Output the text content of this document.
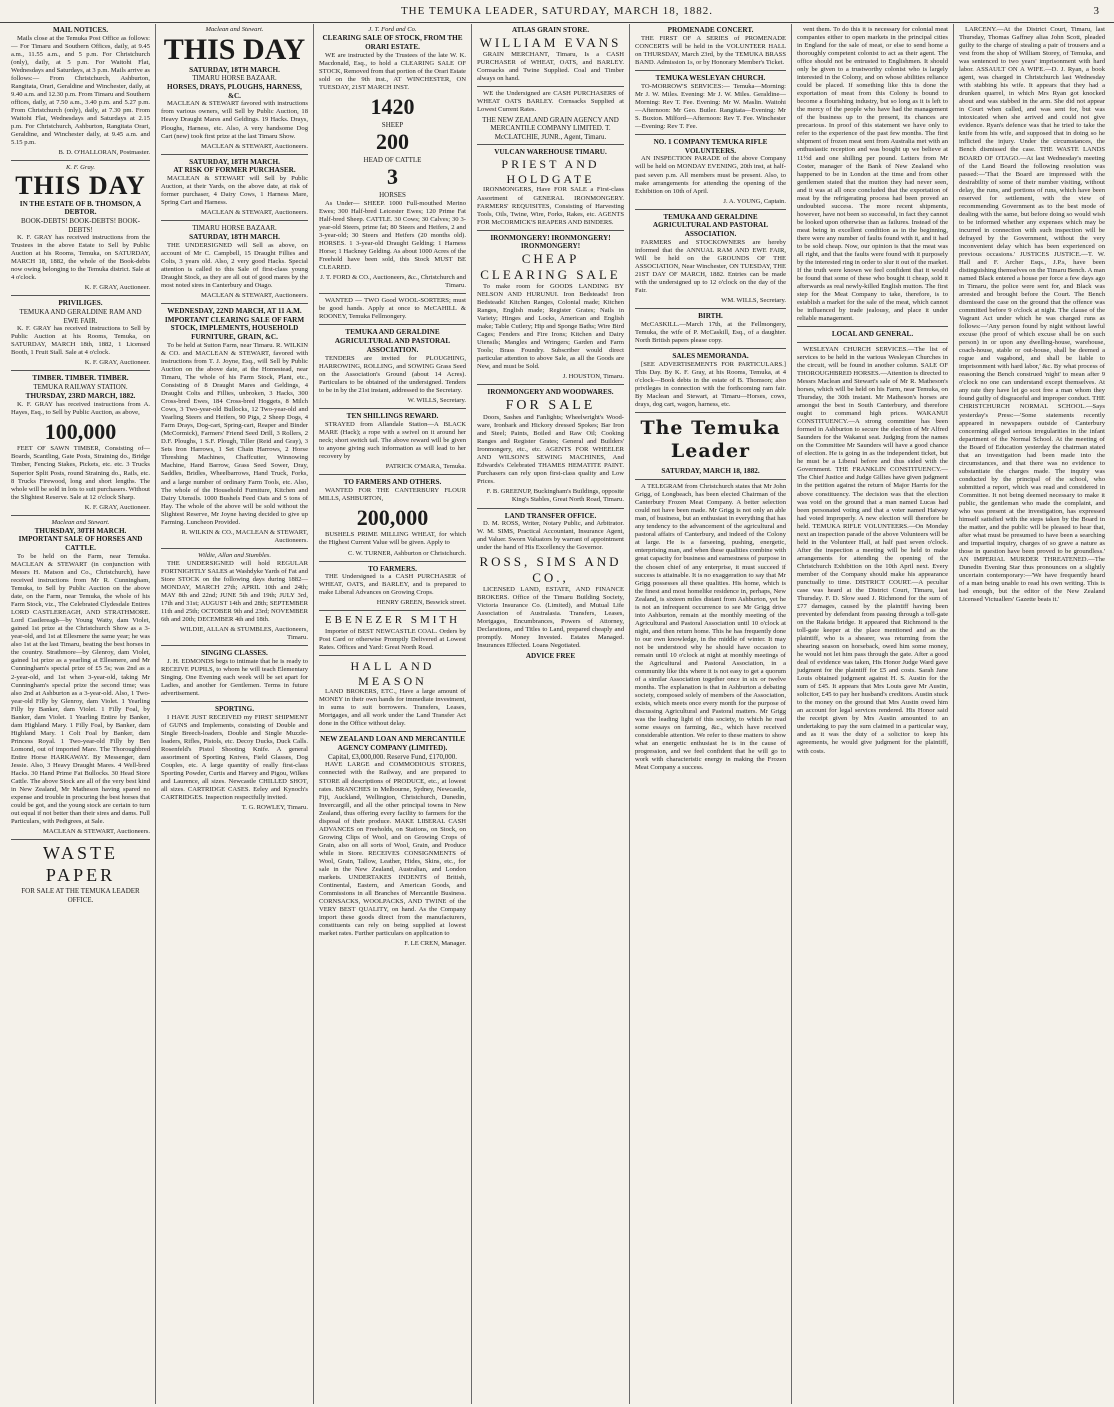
THE TEMUKA LEADER, SATURDAY, MARCH 18, 1882.	3
MAIL NOTICES.

Mails close at the Temuka Post Office as follows:— For Timaru and Southern Offices, daily, at 9.45 a.m., 11.55 a.m., and 5 p.m. For Christchurch (only), daily, at 5 p.m. For Waitohi Flat, Wednesdays and Saturdays, at 3 p.m. Mails arrive as follows:— From Christchurch, Ashburton, Rangitata, Orari, Geraldine and Winchester, daily, at 9.40 a.m. and 12.30 p.m. From Timaru and Southern offices, daily, at 7.50 a.m., 3.40 p.m. and 5.27 p.m. From Christchurch (only), daily, at 7.30 pm. From Waitohi Flat, Wednesdays and Saturdays at 2.15 p.m. For Christchurch, Ashburton, Rangitata Orari, Geraldine, and Winchester daily, at 9.45 a.m. and 5.15 p.m.

B. D. O'HALLORAN, Postmaster.
K. F. Gray.
THIS DAY
IN THE ESTATE OF B. THOMSON, A DEBTOR.
BOOK-DEBTS! BOOK-DEBTS! BOOK-DEBTS!

K. F. GRAY has received instructions from the Trustees in the above Estate to Sell by Public Auction at his Rooms, Temuka, on SATURDAY, MARCH 18, 1882, the whole of the Book-debts now owing belonging to the Temuka district. Sale at 4 o'clock.

K. F. GRAY, Auctioneer.
PRIVILIGES.
TEMUKA AND GERALDINE RAM AND EWE FAIR.

K. F. GRAY has received instructions to Sell by Public Auction at his Rooms, Temuka, on SATURDAY, MARCH 18th, 1882, 1 Licensed Booth, 1 Fruit Stall. Sale at 4 o'clock.

K. F. GRAY, Auctioneer.
TIMBER. TIMBER. TIMBER.
TEMUKA RAILWAY STATION.
THURSDAY, 23RD MARCH, 1882.

K. F. GRAY has received instructions from A. Hayes, Esq., to Sell by Public Auction, as above,

100,000

FEET OF SAWN TIMBER, Consisting of— Boards, Scantling, Gate Posts, Straining do., Bridge Timber, Fencing Stakes, Pickets, etc. etc. 3 Trucks Superior Split Posts, round Straining do., Rails, etc. 8 Trucks Firewood, long and short lengths. The whole will be sold in lots to suit purchasers. Without the Slightest Reserve. Sale at 12 o'clock Sharp.

K. F. GRAY, Auctioneer.
Maclean and Stewart.
THURSDAY, 30TH MARCH.
IMPORTANT SALE OF HORSES AND CATTLE.

To be held on the Farm, near Temuka. MACLEAN & STEWART (in conjunction with Messrs H. Matson and Co., Christchurch), have received instructions from Mr R. Cunningham, Temuka, to Sell by Public Auction on the above date, on the Farm, near Temuka, the whole of his Farm Stock, viz., The Celebrated Clydesdale Entires LORD CASTLEREAGH, AND STRATHMORE. Lord Castlereagh—by Young Watty, dam Violet, gained 1st prize at the Christchurch Show as a 3-year-old, and 1st at Ellesmere the same year; he was also 1st at the last Timaru, beating the best horses in the country. Strathmore—by Glenroy, dam Violet, gained 1st prize as a yearling at Ellesmere, and Mr Cunningham's special prize of £5 5s; was 2nd as a 2-year-old, and 1st when 3-year-old, taking Mr Cunningham's special prize the second time; was also 2nd at Ashburton as a 3-year-old. Also, 1 Two-year-old Filly by Glenroy, dam Violet. 1 Yearling Filly by Banker, dam Violet. 1 Filly Foal, by Banker, dam Violet. 1 Yearling Entire by Banker, dam Highland Mary. 1 Filly Foal, by Banker, dam Highland Mary. 1 Colt Foal by Banker, dam Princess Royal. 1 Two-year-old Filly by Ben Lomond, out of imported Mare. The Thoroughbred Entire Horse HARKAWAY. By Messenger, dam Jessie. Also, 3 Heavy Draught Mares. 4 Well-bred Hacks. 30 Hand Prime Fat Bullocks. 30 Head Store Cattle. The above Stock are all of the very best kind in New Zealand, Mr Matheson having spared no expense and trouble in procuring the best horses that could be got, and the young stock are certain to turn out equal if not better than their sires and dams. Full Particulars, with Pedigrees, at Sale.

MACLEAN & STEWART, Auctioneers.
WASTE PAPER
FOR SALE AT THE TEMUKA LEADER OFFICE.
Maclean and Stewart.
THIS DAY
SATURDAY, 18TH MARCH.
TIMARU HORSE BAZAAR.
HORSES, DRAYS, PLOUGHS, HARNESS, &C.

MACLEAN & STEWART favored with instructions from various owners, will Sell by Public Auction, 18 Heavy Draught Mares and Geldings. 19 Hacks. Drays, Ploughs, Harness, etc. Also, A very handsome Dog Cart (new) took first prize at the last Timaru Show.

MACLEAN & STEWART, Auctioneers.
SATURDAY, 18TH MARCH.
AT RISK OF FORMER PURCHASER.

MACLEAN & STEWART will Sell by Public Auction, at their Yards, on the above date, at risk of former purchaser, 4 Dairy Cows, 1 Harness Mare, Spring Cart and Harness.

MACLEAN & STEWART, Auctioneers.
TIMARU HORSE BAZAAR.
SATURDAY, 18TH MARCH.

THE UNDERSIGNED will Sell as above, on account of Mr C. Campbell, 15 Draught Fillies and Colts, 3 years old. Also, 2 very good Hacks. Special attention is called to this Sale of first-class young Draught Stock, as they are all out of good mares by the most noted sires in Canterbury and Otago.

MACLEAN & STEWART, Auctioneers.
WEDNESDAY, 22ND MARCH, AT 11 A.M.
IMPORTANT CLEARING SALE OF FARM STOCK, IMPLEMENTS, HOUSEHOLD FURNITURE, GRAIN, &C.

To be held at Sutton Farm, near Timaru. R. WILKIN & CO. and MACLEAN & STEWART, favored with instructions from T. J. Joyne, Esq., will Sell by Public Auction on the above date, at the Homestead, near Timaru, The whole of his Farm Stock, Plant, etc., Consisting of 8 Draught Mares and Geldings, 4 Draught Colts and Fillies, unbroken, 3 Hacks, 300 Cross-bred Ewes, 184 Cross-bred Hoggets, 8 Milch Cows, 3 Two-year-old Bullocks, 12 Two-year-old and Yearling Steers and Heifers, 90 Pigs, 2 Sheep Dogs, 4 Farm Drays, Dog-cart, Spring-cart, Reaper and Binder (McCormick), Farmers' Friend Seed Drill, 3 Rollers, 2 D.F. Ploughs, 1 S.F. Plough, Tiller (Reid and Gray), 3 Sets Iron Harrows, 1 Set Chain Harrows, 2 Horse Threshing Machines, Chaffcutter, Winnowing Machine, Hand Barrow, Grass Seed Sower, Dray, Saddles, Bridles, Wheelbarrows, Hand Truck, Forks, and a large number of ordinary Farm Tools, etc. Also, The whole of the Household Furniture, Kitchen and Dairy Utensils. 1000 Bushels Feed Oats and 5 tons of Hay. The whole of the above will be sold without the Slightest Reserve, Mr Joyne having decided to give up Farming. Luncheon Provided.

R. WILKIN & CO., MACLEAN & STEWART, Auctioneers.
Wildie, Allan and Stumbles.

THE UNDERSIGNED will hold REGULAR FORTNIGHTLY SALES at Washdyke Yards of Fat and Store STOCK on the following days during 1882— MONDAY, MARCH 27th; APRIL 10th and 24th; MAY 8th and 22nd; JUNE 5th and 19th; JULY 3rd, 17th and 31st; AUGUST 14th and 28th; SEPTEMBER 11th and 25th; OCTOBER 9th and 23rd; NOVEMBER 6th and 20th; DECEMBER 4th and 18th.

WILDIE, ALLAN & STUMBLES, Auctioneers, Timaru.
SINGING CLASSES.

J. H. EDMONDS begs to intimate that he is ready to RECEIVE PUPILS, to whom he will teach Elementary Singing. One Evening each week will be set apart for Ladies, and another for Gentlemen. Terms in future advertisement.

SPORTING.

I HAVE JUST RECEIVED my FIRST SHIPMENT of GUNS and Implements, consisting of Double and Single Breech-loaders, Double and Single Muzzle-loaders, Rifles, Pistols, etc. Decoy Ducks, Duck Calls. Rosenfeld's Pistol Shooting Knife. A general assortment of Sporting Knives, Field Glasses, Dog Couples, etc. A large quantity of really first-class Sporting Powder, Curtis and Harvey and Pigou, Wilkes and Laurence, all sizes. Newcastle CHILLED SHOT, all sizes. CARTRIDGE CASES. Eeley and Kynoch's CARTRIDGES. Inspection respectfully invited.

T. G. ROWLEY, Timaru.
J. T. Ford and Co.
CLEARING SALE OF STOCK, FROM THE ORARI ESTATE.

WE are instructed by the Trustees of the late W. K. Macdonald, Esq., to hold a CLEARING SALE OF STOCK, Removed from that portion of the Orari Estate sold on the 9th inst., AT WINCHESTER, ON TUESDAY, 21ST MARCH INST.

1420
SHEEP
200
HEAD OF CATTLE
3
HORSES

As Under— SHEEP. 1000 Full-mouthed Merino Ewes; 300 Half-bred Leicester Ewes; 120 Prime Fat Half-bred Sheep. CATTLE. 30 Cows; 30 Calves; 30 3-year-old Steers, prime fat; 80 Steers and Heifers, 2 and 3-year-old; 30 Steers and Heifers (20 months old). HORSES. 1 3-year-old Draught Gelding; 1 Harness Horse; 1 Hackney Gelding. As about 1000 Acres of the Freehold have been sold, this Stock MUST BE CLEARED.

J. T. FORD & CO., Auctioneers, &c., Christchurch and Timaru.

WANTED — TWO Good WOOL-SORTERS; must be good hands. Apply at once to McCAHILL & ROONEY, Temuka Fellmongery.

TEMUKA AND GERALDINE AGRICULTURAL AND PASTORAL ASSOCIATION.

TENDERS are invited for PLOUGHING, HARROWING, ROLLING, and SOWING Grass Seed on the Association's Ground (about 14 Acres). Particulars to be obtained of the undersigned. Tenders to be in by the 21st instant, addressed to the Secretary.

W. WILLS, Secretary.
TEN SHILLINGS REWARD.

STRAYED from Allandale Station—A BLACK MARE (Hack); a rope with a swivel on it around her neck; short switch tail. The above reward will be given to anyone giving such information as will lead to her recovery by

PATRICK O'MARA, Temuka.
TO FARMERS AND OTHERS.

WANTED FOR THE CANTERBURY FLOUR MILLS, ASHBURTON,

200,000

BUSHELS PRIME MILLING WHEAT, for which the Highest Current Value will be given. Apply to

C. W. TURNER, Ashburton or Christchurch.
TO FARMERS.

THE Undersigned is a CASH PURCHASER of WHEAT, OATS, and BARLEY, and is prepared to make Liberal Advances on Growing Crops.

HENRY GREEN, Beswick street.
EBENEZER SMITH

Importer of BEST NEWCASTLE COAL. Orders by Post Card or otherwise Promptly Delivered at Lowest Rates. Offices and Yard: Great North Road.

HALL AND MEASON

LAND BROKERS, ETC., Have a large amount of MONEY in their own hands for immediate investment, in sums to suit borrowers. Transfers, Leases, Mortgages, and all work under the Land Transfer Act done in the Office without delay.

NEW ZEALAND LOAN AND MERCANTILE AGENCY COMPANY (LIMITED).
Capital, £3,000,000. Reserve Fund, £170,000.

HAVE LARGE and COMMODIOUS STORES, connected with the Railway, and are prepared to STORE all descriptions of PRODUCE, etc., at lowest rates. BRANCHES in Melbourne, Sydney, Newcastle, Fiji, Auckland, Wellington, Christchurch, Dunedin, Invercargill, and all the other principal towns in New Zealand, thus offering every facility to farmers for the disposal of their produce. MAKE LIBERAL CASH ADVANCES on Freeholds, on Stations, on Stock, on Growing Clips of Wool, and on Growing Crops of Grain, also on all sorts of Wool, Grain, and Produce while in Store. RECEIVES CONSIGNMENTS of Wool, Grain, Tallow, Leather, Hides, Skins, etc., for sale in the New Zealand, Australian, and London markets. UNDERTAKES INDENTS of British, Continental, Eastern, and American Goods, and Commissions in all Branches of Mercantile Business. CORNSACKS, WOOLPACKS, AND TWINE of the VERY BEST QUALITY, on hand. As the Company import these goods direct from the manufacturers, constituents can rely on being supplied at lowest market rates. Further particulars on application to

F. LE CREN, Manager.
ATLAS GRAIN STORE.
WILLIAM EVANS

GRAIN MERCHANT, Timaru, Is a CASH PURCHASER of WHEAT, OATS, and BARLEY. Cornsacks and Twine Supplied. Coal and Timber always on hand.

WE the Undersigned are CASH PURCHASERS of WHEAT OATS BARLEY. Cornsacks Supplied at Lowest Current Rates.

THE NEW ZEALAND GRAIN AGENCY AND MERCANTILE COMPANY LIMITED. T. McCLATCHIE, JUNR., Agent, Timaru.
VULCAN WAREHOUSE TIMARU.
PRIEST AND HOLDGATE

IRONMONGERS, Have FOR SALE a First-class Assortment of GENERAL IRONMONGERY. FARMERS' REQUISITES, Consisting of Harvesting Tools, Oils, Twine, Wire, Forks, Rakes, etc. AGENTS FOR McCORMICK'S REAPERS AND BINDERS.

IRONMONGERY! IRONMONGERY! IRONMONGERY!
CHEAP CLEARING SALE

To make room for GOODS LANDING BY NELSON AND HURUNUI. Iron Bedsteads! Iron Bedsteads! Kitchen Ranges, Colonial made; Kitchen Ranges, English made; Register Grates; Nails in Variety; Hinges and Locks, American and English make; Table Cutlery; Hip and Sponge Baths; Wire Bird Cages; Fenders and Fire Irons; Kitchen and Dairy Utensils; Mangles and Wringers; Garden and Farm Tools; Brass Foundry. Subscriber would direct particular attention to above Sale, as all the Goods are New, and must be Sold.

J. HOUSTON, Timaru.
IRONMONGERY AND WOODWARES.
FOR SALE

Doors, Sashes and Fanlights; Wheelwright's Wood-ware, Ironbark and Hickory dressed Spokes; Bar Iron and Steel; Paints, Boiled and Raw Oil; Cooking Ranges and Register Grates; General and Builders' Ironmongery, etc., etc. AGENTS FOR WHEELER AND WILSON'S SEWING MACHINES, And Edwards's Celebrated THAMES HEMATITE PAINT. Purchasers can rely upon first-class quality and Low Prices.

F. B. GREENUP, Buckingham's Buildings, opposite King's Stables, Great North Road, Timaru.
LAND TRANSFER OFFICE.

D. M. ROSS, Writer, Notary Public, and Arbitrator. W. M. SIMS, Practical Accountant, Insurance Agent, and Valuer. Sworn Valuators by warrant of appointment under the hand of His Excellency the Governor.

ROSS, SIMS AND CO.,

LICENSED LAND, ESTATE, AND FINANCE BROKERS. Office of the Timaru Building Society, Victoria Insurance Co. (Limited), and Mutual Life Association of Australasia. Transfers, Leases, Mortgages, Encumbrances, Powers of Attorney, Declarations, and Titles to Land, prepared cheaply and promptly. Money Invested. Estates Managed. Insurances Effected. Loans Negotiated.

ADVICE FREE
PROMENADE CONCERT.

THE FIRST OF A SERIES of PROMENADE CONCERTS will be held in the VOLUNTEER HALL on THURSDAY, March 23rd, by the TEMUKA BRASS BAND. Admission 1s, or by Honorary Member's Ticket.

TEMUKA WESLEYAN CHURCH.

TO-MORROW'S SERVICES:— Temuka—Morning: Mr J. W. Miles. Evening: Mr J. W. Miles. Geraldine—Morning: Rev T. Fee. Evening: Mr W. Maslin. Waitohi—Afternoon: Mr Geo. Butler. Rangitata—Evening: Mr S. Buxton. Milford—Afternoon: Rev T. Fee. Winchester—Evening: Rev T. Fee.

NO. 1 COMPANY TEMUKA RIFLE VOLUNTEERS.

AN INSPECTION PARADE of the above Company will be held on MONDAY EVENING, 20th inst, at half-past seven p.m. All members must be present. Also, to make arrangements for attending the opening of the Exhibition on 10th of April.

J. A. YOUNG, Captain.
TEMUKA AND GERALDINE AGRICULTURAL AND PASTORAL ASSOCIATION.

FARMERS and STOCKOWNERS are hereby informed that the ANNUAL RAM AND EWE FAIR, Will be held on the GROUNDS OF THE ASSOCIATION, Near Winchester, ON TUESDAY, THE 21ST DAY OF MARCH, 1882. Entries can be made with the undersigned up to 12 o'clock on the day of the Fair.

WM. WILLS, Secretary.
BIRTH.

McCASKILL.—March 17th, at the Fellmongery, Temuka, the wife of P. McCaskill, Esq., of a daughter. North British papers please copy.

SALES MEMORANDA.

[SEE ADVERTISEMENTS FOR PARTICULARS.] This Day. By K. F. Gray, at his Rooms, Temuka, at 4 o'clock—Book debts in the estate of B. Thomson; also privileges in connection with the forthcoming ram fair. By Maclean and Stewart, at Timaru—Horses, cows, drays, dog cart, wagon, harness, etc.

The Temuka Leader
SATURDAY, MARCH 18, 1882.

A TELEGRAM from Christchurch states that Mr John Grigg, of Longbeach, has been elected Chairman of the Canterbury Frozen Meat Company. A better selection could not have been made. Mr Grigg is not only an able man, of business, but an enthusiast in everything that has any tendency to the advancement of the agricultural and pastoral affairs of Canterbury, and indeed of the Colony at large. He is a farseeing, pushing, energetic, enterprising man, and when these qualities combine with great capacity for business and earnestness of purpose in the chosen chief of any enterprise, it must succeed if success is attainable. It is no exaggeration to say that Mr Grigg possesses all these qualities. His home, which is the finest and most homelike residence in, perhaps, New Zealand, is sixteen miles distant from Ashburton, yet he is not an infrequent occurrence to see Mr Grigg drive into Ashburton, remain at the monthly meeting of the Agricultural and Pastoral Association until 10 o'clock at night, and then return home. This he has frequently done to our own knowledge, in the middle of winter. It may not be understood why he should have occasion to remain until 10 o'clock at night at monthly meetings of the Agricultural and Pastoral Association, in a community like this where it is not easy to get a quorum of a similar Association together once in six or twelve months. The explanation is that in Ashburton a debating society, composed solely of members of the Association, exists, which meets once every month for the purpose of discussing Agricultural and Pastoral matters. Mr Grigg was the leading light of this society, to which he read some essays on farming, &c., which have received considerable attention. We refer to these matters to show what an energetic enthusiast he is in the cause of progression, and we feel confident that he will go to work with characteristic energy in making the Frozen Meat Company a success.

vent them. To do this it is necessary for colonial meat companies either to open markets in the principal cities in England for the sale of meat, or else to send home a thoroughly competent colonist to act as their agent. The office should not be entrusted to Englishmen. It should only be given to a trustworthy colonist who is largely interested in the Colony, and on whose abilities reliance could be placed. If something like this is done the exportation of meat from this Colony is bound to become a flourishing industry, but so long as it is left to the mercy of the people who have had the management of the business up to the present, its chances are precarious. In proof of this statement we have only to refer to the experience of the past few months. The first shipment of frozen meat sent from Australia met with an enthusiastic reception and was bought up we believe at 11½d and one shilling per pound. Letters from Mr Coster, manager of the Bank of New Zealand who happened to be in London at the time and from other gentlemen stated that the mutton they had never seen, and it was at all once concluded that the exportation of meat by the refrigerating process had been proved an undoubted success. The more recent shipments, however, have not been so successful, in fact they cannot be looked upon otherwise than as failures. Instead of the meat being in excellent condition as in the beginning, there were any number of faults found with it, and it had to be sold cheap. Now, our opinion is that the meat was all right, and that the faults were found with it purposely by the interested ring in order to slur it out of the market. If the truth were known we feel confident that it would be found that some of these who bought it cheap, sold it afterwards as real newly-killed English mutton. The first step for the Meat Company to take, therefore, is to establish a market for the sale of the meat, which cannot be influenced by trade jealousy, and place it under reliable management.

LOCAL AND GENERAL.

WESLEYAN CHURCH SERVICES.—The list of services to be held in the various Wesleyan Churches in the circuit, will be found in another column. SALE OF THOROUGHBRED HORSES.—Attention is directed to Messrs Maclean and Stewart's sale of Mr R. Matheson's horses, which will be held on his Farm, near Temuka, on Thursday, the 30th instant. Mr Matheson's horses are amongst the best in South Canterbury, and therefore ought to command high prices. WAKANUI CONSTITUENCY.—A strong committee has been formed in Ashburton to secure the election of Mr Alfred Saunders for the Wakanui seat. Judging from the names on the Committee Mr Saunders will have a good chance of election. He is going in as the independent ticket, but he must be a Liberal before and thus sided with the Government. THE FRANKLIN CONSTITUENCY.—The Chief Justice and Judge Gillies have given judgment in the petition against the return of Major Harris for the above constituency. The decision was that the election was void on the ground that a man named Lucas had been personated voting and that a voter named Hatway had voted improperly. A new election will therefore be held. TEMUKA RIFLE VOLUNTEERS.—On Monday next an inspection parade of the above Volunteers will be held in the Volunteer Hall, at half past seven o'clock. After the inspection a meeting will be held to make arrangements for attending the opening of the Christchurch Exhibition on the 10th April next. Every member of the Company should make his appearance punctually to time. DISTRICT COURT.—A peculiar case was heard at the District Court, Timaru, last Thursday. F. D. Slow sued J. Richmond for the sum of £77 damages, caused by the plaintiff having been prevented by defendant from passing through a toll-gate on the Rakaia bridge. It appeared that Richmond is the toll-gate keeper at the place mentioned and as the plaintiff, who is a shearer, was returning from the shearing season on horseback, owed him some money, he would not let him pass through the gate. After a good deal of evidence was taken, His Honor Judge Ward gave judgment for the plaintiff for £5 and costs. Sarah Jane Louis obtained judgment against H. S. Austin for the sum of £45. It appears that Mrs Louis gave Mr Austin, solicitor, £45 to pay her husband's creditors. Austin stuck to the money on the ground that Mrs Austin owed him an account for legal services rendered. His Honor said the receipt given by Mrs Austin amounted to an undertaking to pay the sum claimed in a particular way, and as it was the duty of a solicitor to keep his agreements, he would give judgment for the plaintiff, with costs.

LARCENY.—At the District Court, Timaru, last Thursday, Thomas Gaffney alias John Scott, pleaded guilty to the charge of stealing a pair of trousers and a vest from the shop of William Storey, of Temuka, and was sentenced to two years' imprisonment with hard labor. ASSAULT ON A WIFE.—D. J. Ryan, a book agent, was charged in Christchurch last Wednesday with stabbing his wife. It appears that they had a drunken quarrel, in which Mrs Ryan got knocked about and was stabbed in the arm. She did not appear in Court when called, and was sent for, but was intoxicated when she arrived and could not give evidence. Ryan's defence was that he tried to take the knife from his wife, and supposed that in doing so he inflicted the injury. Under the circumstances, the Bench dismissed the case. THE WASTE LANDS BOARD OF OTAGO.—At last Wednesday's meeting of the Land Board the following resolution was passed:—'That the Board are impressed with the desirability of some of their number visiting, without delay, the runs, and portions of runs, which have been reserved for settlement, with the view of recommending Government as to the best mode of dealing with the same, but before doing so would wish to be informed whether any expenses which may be incurred in connection with such inspection will be defrayed by the Government, without the very inconvenient delay which has been experienced on previous occasions.' JUSTICES JUSTICE.—T. W. Hall and F. Archer Esqs., J.P.s, have been distinguishing themselves on the Timaru Bench. A man named Black entered a house per force a few days ago in Timaru, the police were sent for, and Black was arrested and brought before the Court. The Bench dismissed the case on the ground that the offence was committed before 9 o'clock at night. The clause of the Vagrant Act under which he was charged runs as follows:—'Any person found by night without lawful excuse (the proof of which excuse shall be on such person) in or upon any dwelling-house, warehouse, coach-house, stable or out-house, shall be deemed a rogue and vagabond, and shall be liable to imprisonment with hard labor,' &c. By what process of reasoning the Bench construed 'night' to mean after 9 o'clock no one can understand except themselves. At any rate they have let go scot free a man whom they found guilty of disgraceful and improper conduct. THE CHRISTCHURCH NORMAL SCHOOL.—Says yesterday's Press:—'Some statements recently appeared in newspapers outside of Canterbury concerning alleged serious irregularities in the infant department of the Normal School. At the meeting of the Board of Education yesterday the chairman stated that an investigation had been made into the circumstances, and that there was no evidence to substantiate the charges made. The inquiry was conducted by the principal of the school, who submitted a report, which was read and considered in Committee. It not being deemed necessary to make it public, the gentleman who made the complaint, and who was present at the investigation, has expressed himself satisfied with the steps taken by the Board in the matter, and the public will be pleased to hear that, after what must be presumed to have been a searching and impartial inquiry, charges of so grave a nature as those in question have been proved to be groundless.' AN IMPERIAL MURDER THREATENED.—The Dunedin Evening Star thus pronounces on a slightly uncertain contemporary:—'We have frequently heard of a man being unable to read his own writing. This is bad enough, but the editor of the New Zealand Licensed Victuallers' Gazette beats it.'
